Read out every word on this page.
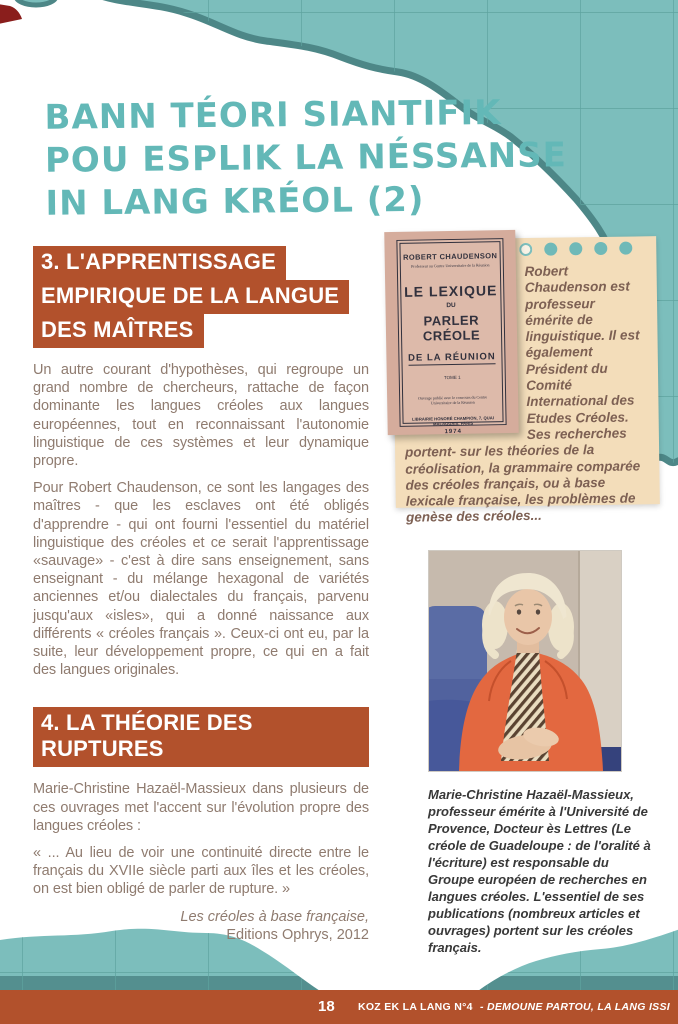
BANN TÉORI SIANTIFIK
POU ESPLIK LA NÉSSANSE
IN LANG KRÉOL (2)
3. L'APPRENTISSAGE
EMPIRIQUE DE LA LANGUE
DES MAÎTRES

Un autre courant d'hypothèses, qui regroupe un grand nombre de chercheurs, rattache de façon dominante les langues créoles aux langues européennes, tout en reconnaissant l'autonomie linguistique de ces systèmes et leur dynamique propre.

Pour Robert Chaudenson, ce sont les langages des maîtres - que les esclaves ont été obligés d'apprendre - qui ont fourni l'essentiel du matériel linguistique des créoles et ce serait l'apprentissage «sauvage» - c'est à dire sans enseignement, sans enseignant - du mélange hexagonal de variétés anciennes et/ou dialectales du français, parvenu jusqu'aux «isles», qui a donné naissance aux différents « créoles français ». Ceux-ci ont eu, par la suite, leur développement propre, ce qui en a fait des langues originales.

4. LA THÉORIE DES RUPTURES

Marie-Christine Hazaël-Massieux dans plusieurs de ces ouvrages met l'accent sur l'évolution propre des langues créoles :

« ... Au lieu de voir une continuité directe entre le français du XVIIe siècle parti aux îles et les créoles, on est bien obligé de parler de rupture. »

Les créoles à base française,
Editions Ophrys, 2012

Robert Chaudenson est professeur émérite de linguistique. Il est également Président du Comité International des Etudes Créoles. Ses recherches portent- sur les théories de la créolisation, la grammaire comparée des créoles français, ou à base lexicale française, les problèmes de genèse des créoles...

ROBERT CHAUDENSON
Professeur au Centre Universitaire de la Réunion
LE LEXIQUE
DU
PARLER CRÉOLE
DE LA RÉUNION
TOME 1
Ouvrage publié avec le concours du Centre Universitaire de la Réunion
LIBRAIRIE HONORÉ CHAMPION, 7, QUAI MALAQUAIS, PARIS
1974

Marie-Christine Hazaël-Massieux, professeur émérite à l'Université de Provence, Docteur ès Lettres (Le créole de Guadeloupe : de l'oralité à l'écriture) est responsable du Groupe européen de recherches en langues créoles. L'essentiel de ses publications (nombreux articles et ouvrages) portent sur les créoles français.

18 KOZ EK LA LANG N°4 - DEMOUNE PARTOU, LA LANG ISSI
